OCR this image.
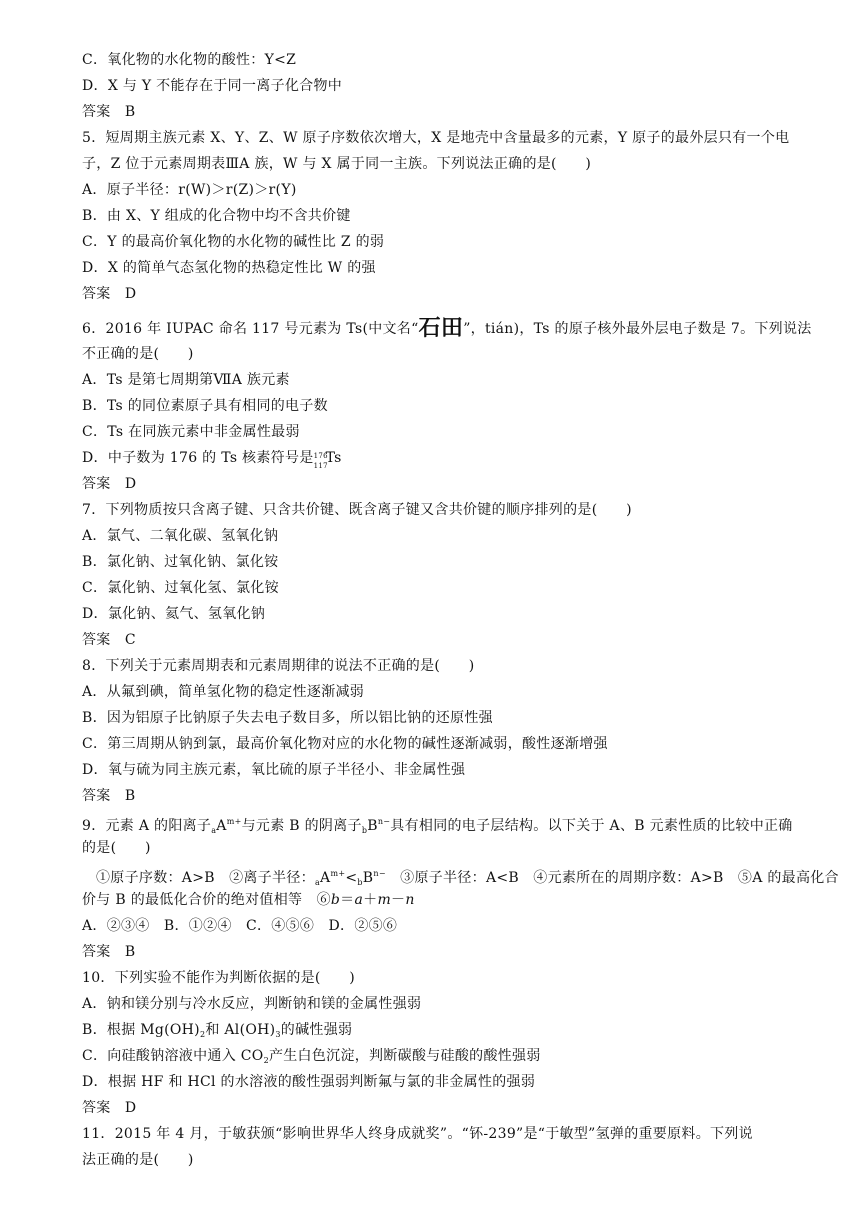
C．氧化物的水化物的酸性：Y<Z
D．X 与 Y 不能存在于同一离子化合物中
答案　B
5．短周期主族元素 X、Y、Z、W 原子序数依次增大，X 是地壳中含量最多的元素，Y 原子的最外层只有一个电
子，Z 位于元素周期表ⅢA 族，W 与 X 属于同一主族。下列说法正确的是(　　)
A．原子半径：r(W)＞r(Z)＞r(Y)
B．由 X、Y 组成的化合物中均不含共价键
C．Y 的最高价氧化物的水化物的碱性比 Z 的弱
D．X 的简单气态氢化物的热稳定性比 W 的强
答案　D
6．2016 年 IUPAC 命名 117 号元素为 Ts(中文名“石田”，tián)，Ts 的原子核外最外层电子数是 7。下列说法
不正确的是(　　)
A．Ts 是第七周期第ⅦA 族元素
B．Ts 的同位素原子具有相同的电子数
C．Ts 在同族元素中非金属性最弱
D．中子数为 176 的 Ts 核素符号是 176
117
Ts
答案　D
7．下列物质按只含离子键、只含共价键、既含离子键又含共价键的顺序排列的是(　　)
A．氯气、二氧化碳、氢氧化钠
B．氯化钠、过氧化钠、氯化铵
C．氯化钠、过氧化氢、氯化铵
D．氯化钠、氦气、氢氧化钠
答案　C
8．下列关于元素周期表和元素周期律的说法不正确的是(　　)
A．从氟到碘，简单氢化物的稳定性逐渐减弱
B．因为铝原子比钠原子失去电子数目多，所以铝比钠的还原性强
C．第三周期从钠到氯，最高价氧化物对应的水化物的碱性逐渐减弱，酸性逐渐增强
D．氧与硫为同主族元素，氧比硫的原子半径小、非金属性强
答案　B
9．元素 A 的阳离子$_aA^{m+}$与元素 B 的阴离子$_bB^{n-}$具有相同的电子层结构。以下关于 A、B 元素性质的比较中正确
的是(　　)
①原子序数：A>B　②离子半径：$_aA^{m+}<_bB^{n-}$　③原子半径：A<B　④元素所在的周期序数：A>B　⑤A 的最高化合
价与 B 的最低化合价的绝对值相等　⑥b＝a＋m－n
A．②③④　B．①②④　C．④⑤⑥　D．②⑤⑥
答案　B
10．下列实验不能作为判断依据的是(　　)
A．钠和镁分别与冷水反应，判断钠和镁的金属性强弱
B．根据 $Mg(OH)_2$和 $Al(OH)_3$的碱性强弱
C．向硅酸钠溶液中通入 $CO_2$产生白色沉淀，判断碳酸与硅酸的酸性强弱
D．根据 HF 和 HCl 的水溶液的酸性强弱判断氟与氯的非金属性的强弱
答案　D
11．2015 年 4 月，于敏获颁“影响世界华人终身成就奖”。“钚-239”是“于敏型”氢弹的重要原料。下列说
法正确的是(　　)
